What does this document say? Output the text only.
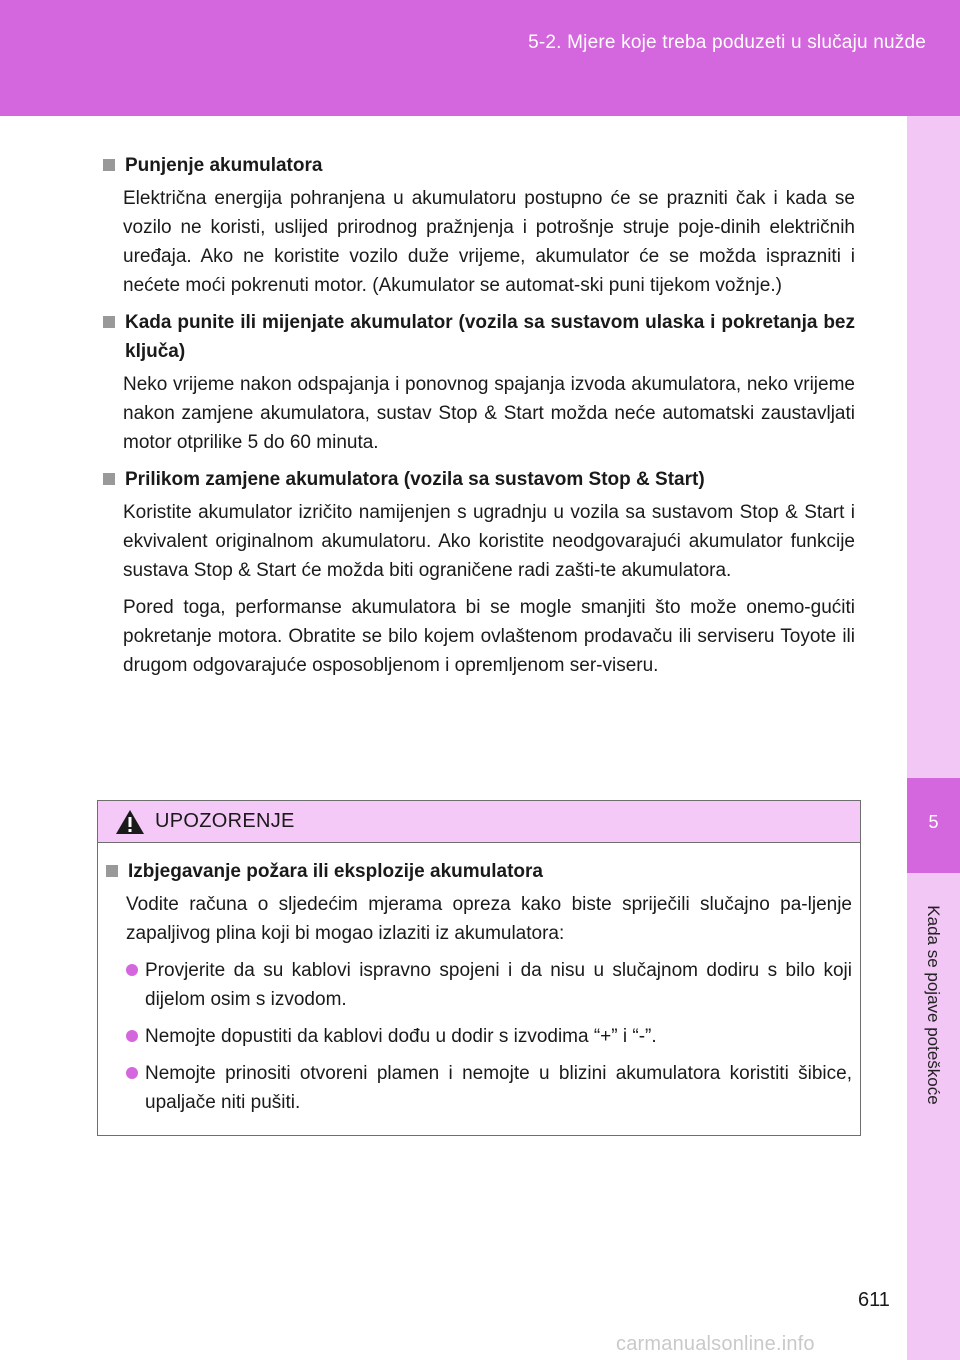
5-2. Mjere koje treba poduzeti u slučaju nužde
5
Kada se pojave poteškoće
Punjenje akumulatora

Električna energija pohranjena u akumulatoru postupno će se prazniti čak i kada se vozilo ne koristi, uslijed prirodnog pražnjenja i potrošnje struje poje-dinih električnih uređaja. Ako ne koristite vozilo duže vrijeme, akumulator će se možda isprazniti i nećete moći pokrenuti motor. (Akumulator se automat-ski puni tijekom vožnje.)

Kada punite ili mijenjate akumulator (vozila sa sustavom ulaska i pokretanja bez ključa)

Neko vrijeme nakon odspajanja i ponovnog spajanja izvoda akumulatora, neko vrijeme nakon zamjene akumulatora, sustav Stop & Start možda neće automatski zaustavljati motor otprilike 5 do 60 minuta.

Prilikom zamjene akumulatora (vozila sa sustavom Stop & Start)

Koristite akumulator izričito namijenjen s ugradnju u vozila sa sustavom Stop & Start i ekvivalent originalnom akumulatoru. Ako koristite neodgovarajući akumulator funkcije sustava Stop & Start će možda biti ograničene radi zašti-te akumulatora.

Pored toga, performanse akumulatora bi se mogle smanjiti što može onemo-gućiti pokretanje motora. Obratite se bilo kojem ovlaštenom prodavaču ili serviseru Toyote ili drugom odgovarajuće osposobljenom i opremljenom ser-viseru.

UPOZORENJE
Izbjegavanje požara ili eksplozije akumulatora

Vodite računa o sljedećim mjerama opreza kako biste spriječili slučajno pa-ljenje zapaljivog plina koji bi mogao izlaziti iz akumulatora:

Provjerite da su kablovi ispravno spojeni i da nisu u slučajnom dodiru s bilo koji dijelom osim s izvodom.
Nemojte dopustiti da kablovi dođu u dodir s izvodima “+” i “-”.
Nemojte prinositi otvoreni plamen i nemojte u blizini akumulatora koristiti šibice, upaljače niti pušiti.
611
carmanualsonline.info
